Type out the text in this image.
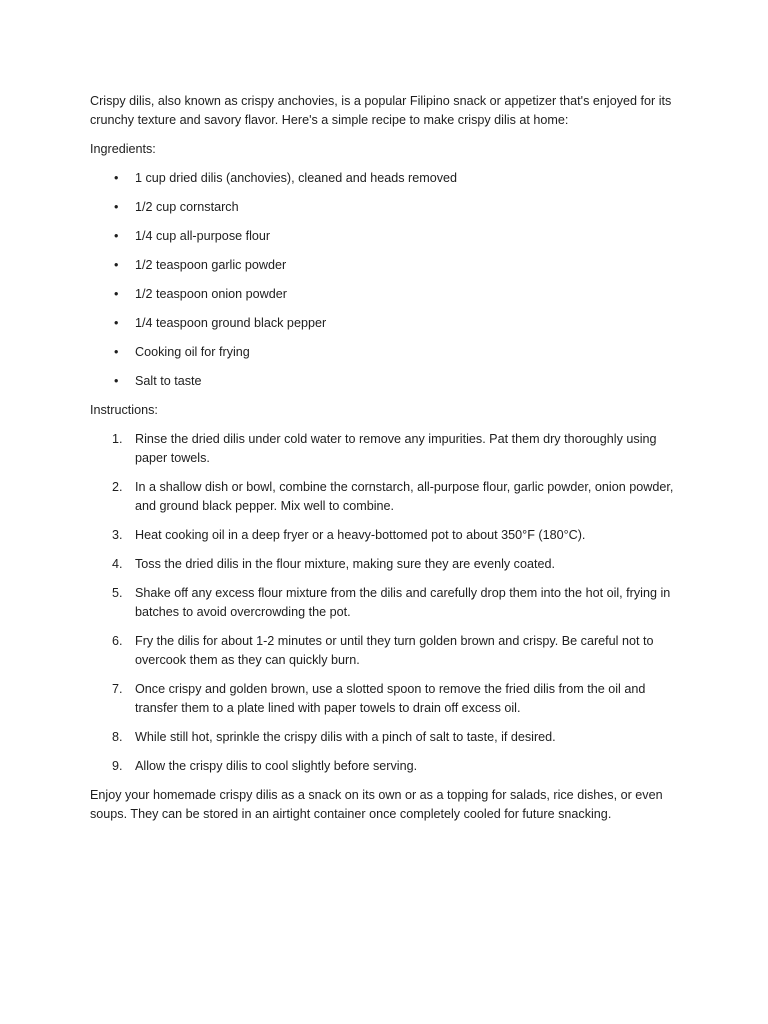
Crispy dilis, also known as crispy anchovies, is a popular Filipino snack or appetizer that's enjoyed for its crunchy texture and savory flavor. Here's a simple recipe to make crispy dilis at home:

Ingredients:

• 1 cup dried dilis (anchovies), cleaned and heads removed
• 1/2 cup cornstarch
• 1/4 cup all-purpose flour
• 1/2 teaspoon garlic powder
• 1/2 teaspoon onion powder
• 1/4 teaspoon ground black pepper
• Cooking oil for frying
• Salt to taste

Instructions:

1. Rinse the dried dilis under cold water to remove any impurities. Pat them dry thoroughly using paper towels.
2. In a shallow dish or bowl, combine the cornstarch, all-purpose flour, garlic powder, onion powder, and ground black pepper. Mix well to combine.
3. Heat cooking oil in a deep fryer or a heavy-bottomed pot to about 350°F (180°C).
4. Toss the dried dilis in the flour mixture, making sure they are evenly coated.
5. Shake off any excess flour mixture from the dilis and carefully drop them into the hot oil, frying in batches to avoid overcrowding the pot.
6. Fry the dilis for about 1-2 minutes or until they turn golden brown and crispy. Be careful not to overcook them as they can quickly burn.
7. Once crispy and golden brown, use a slotted spoon to remove the fried dilis from the oil and transfer them to a plate lined with paper towels to drain off excess oil.
8. While still hot, sprinkle the crispy dilis with a pinch of salt to taste, if desired.
9. Allow the crispy dilis to cool slightly before serving.

Enjoy your homemade crispy dilis as a snack on its own or as a topping for salads, rice dishes, or even soups. They can be stored in an airtight container once completely cooled for future snacking.
